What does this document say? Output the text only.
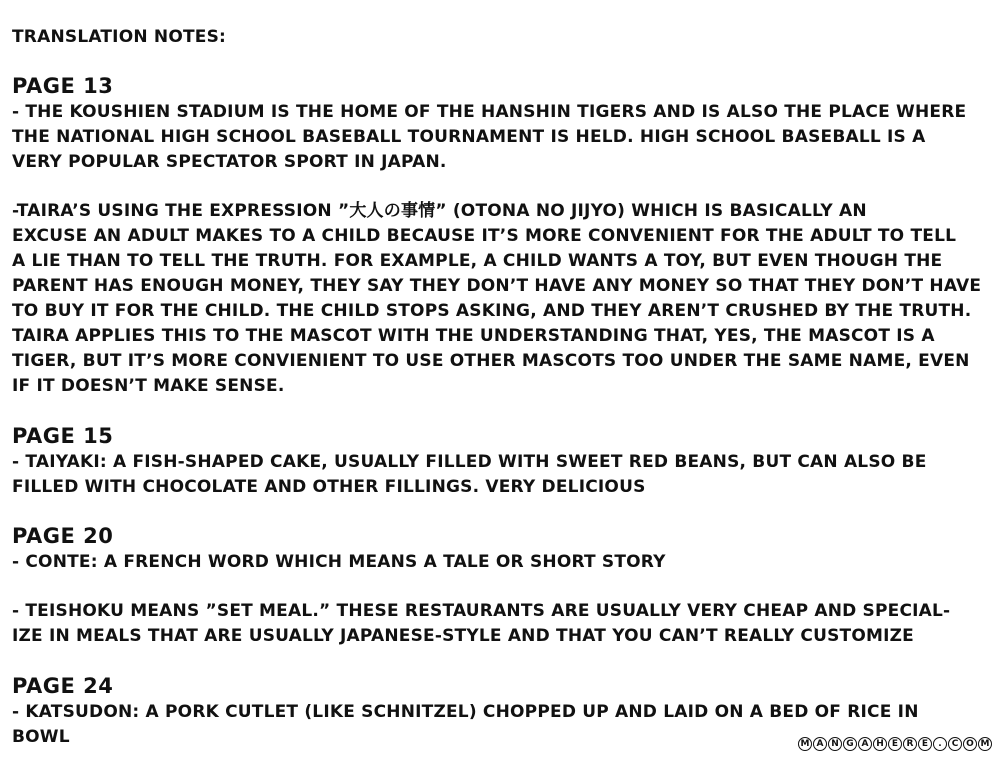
TRANSLATION NOTES:
PAGE 13
- THE KOUSHIEN STADIUM IS THE HOME OF THE HANSHIN TIGERS AND IS ALSO THE PLACE WHERE
THE NATIONAL HIGH SCHOOL BASEBALL TOURNAMENT IS HELD. HIGH SCHOOL BASEBALL IS A
VERY POPULAR SPECTATOR SPORT IN JAPAN.
-TAIRA’S USING THE EXPRESSION ”大人の事情” (OTONA NO JIJYO) WHICH IS BASICALLY AN
EXCUSE AN ADULT MAKES TO A CHILD BECAUSE IT’S MORE CONVENIENT FOR THE ADULT TO TELL
A LIE THAN TO TELL THE TRUTH. FOR EXAMPLE, A CHILD WANTS A TOY, BUT EVEN THOUGH THE
PARENT HAS ENOUGH MONEY, THEY SAY THEY DON’T HAVE ANY MONEY SO THAT THEY DON’T HAVE
TO BUY IT FOR THE CHILD. THE CHILD STOPS ASKING, AND THEY AREN’T CRUSHED BY THE TRUTH.
TAIRA APPLIES THIS TO THE MASCOT WITH THE UNDERSTANDING THAT, YES, THE MASCOT IS A
TIGER, BUT IT’S MORE CONVIENIENT TO USE OTHER MASCOTS TOO UNDER THE SAME NAME, EVEN
IF IT DOESN’T MAKE SENSE.
PAGE 15
- TAIYAKI: A FISH-SHAPED CAKE, USUALLY FILLED WITH SWEET RED BEANS, BUT CAN ALSO BE
FILLED WITH CHOCOLATE AND OTHER FILLINGS. VERY DELICIOUS
PAGE 20
- CONTE: A FRENCH WORD WHICH MEANS A TALE OR SHORT STORY
- TEISHOKU MEANS ”SET MEAL.” THESE RESTAURANTS ARE USUALLY VERY CHEAP AND SPECIAL-
IZE IN MEALS THAT ARE USUALLY JAPANESE-STYLE AND THAT YOU CAN’T REALLY CUSTOMIZE
PAGE 24
- KATSUDON: A PORK CUTLET (LIKE SCHNITZEL) CHOPPED UP AND LAID ON A BED OF RICE IN
BOWL	M A N G A H E R E	.	C O M
